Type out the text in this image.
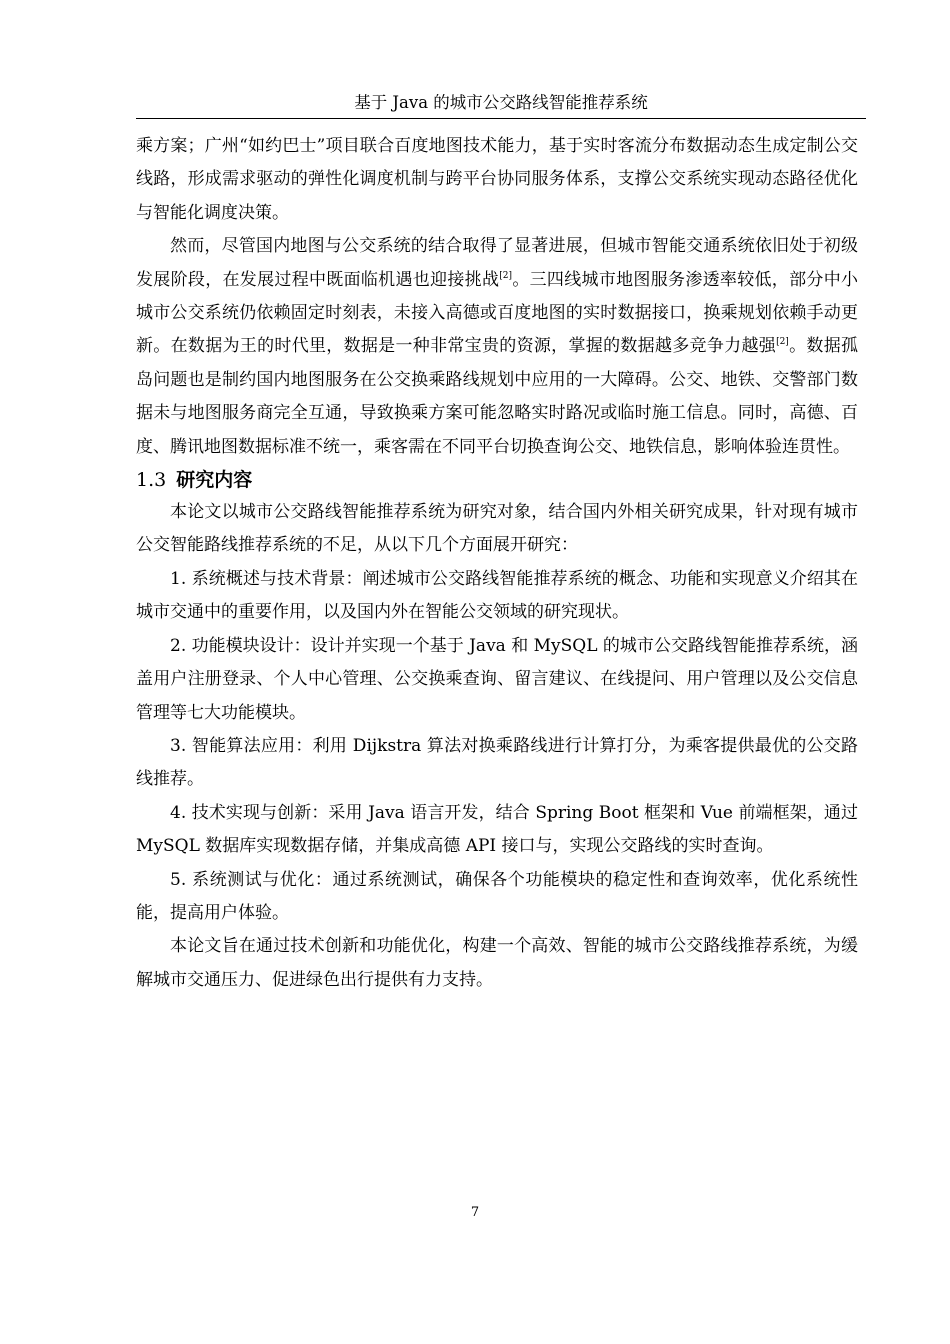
基于 Java 的城市公交路线智能推荐系统

乘方案；广州“如约巴士”项目联合百度地图技术能力，基于实时客流分布数据动态生成定制公交线路，形成需求驱动的弹性化调度机制与跨平台协同服务体系，支撑公交系统实现动态路径优化与智能化调度决策。

然而，尽管国内地图与公交系统的结合取得了显著进展，但城市智能交通系统依旧处于初级发展阶段，在发展过程中既面临机遇也迎接挑战[2]。三四线城市地图服务渗透率较低，部分中小城市公交系统仍依赖固定时刻表，未接入高德或百度地图的实时数据接口，换乘规划依赖手动更新。在数据为王的时代里，数据是一种非常宝贵的资源，掌握的数据越多竞争力越强[2]。数据孤岛问题也是制约国内地图服务在公交换乘路线规划中应用的一大障碍。公交、地铁、交警部门数据未与地图服务商完全互通，导致换乘方案可能忽略实时路况或临时施工信息。同时，高德、百度、腾讯地图数据标准不统一，乘客需在不同平台切换查询公交、地铁信息，影响体验连贯性。

1.3 研究内容

本论文以城市公交路线智能推荐系统为研究对象，结合国内外相关研究成果，针对现有城市公交智能路线推荐系统的不足，从以下几个方面展开研究：

1. 系统概述与技术背景：阐述城市公交路线智能推荐系统的概念、功能和实现意义介绍其在城市交通中的重要作用，以及国内外在智能公交领域的研究现状。

2. 功能模块设计：设计并实现一个基于 Java 和 MySQL 的城市公交路线智能推荐系统，涵盖用户注册登录、个人中心管理、公交换乘查询、留言建议、在线提问、用户管理以及公交信息管理等七大功能模块。

3. 智能算法应用：利用 Dijkstra 算法对换乘路线进行计算打分，为乘客提供最优的公交路线推荐。

4. 技术实现与创新：采用 Java 语言开发，结合 Spring Boot 框架和 Vue 前端框架，通过 MySQL 数据库实现数据存储，并集成高德 API 接口与，实现公交路线的实时查询。

5. 系统测试与优化：通过系统测试，确保各个功能模块的稳定性和查询效率，优化系统性能，提高用户体验。

本论文旨在通过技术创新和功能优化，构建一个高效、智能的城市公交路线推荐系统，为缓解城市交通压力、促进绿色出行提供有力支持。

7
